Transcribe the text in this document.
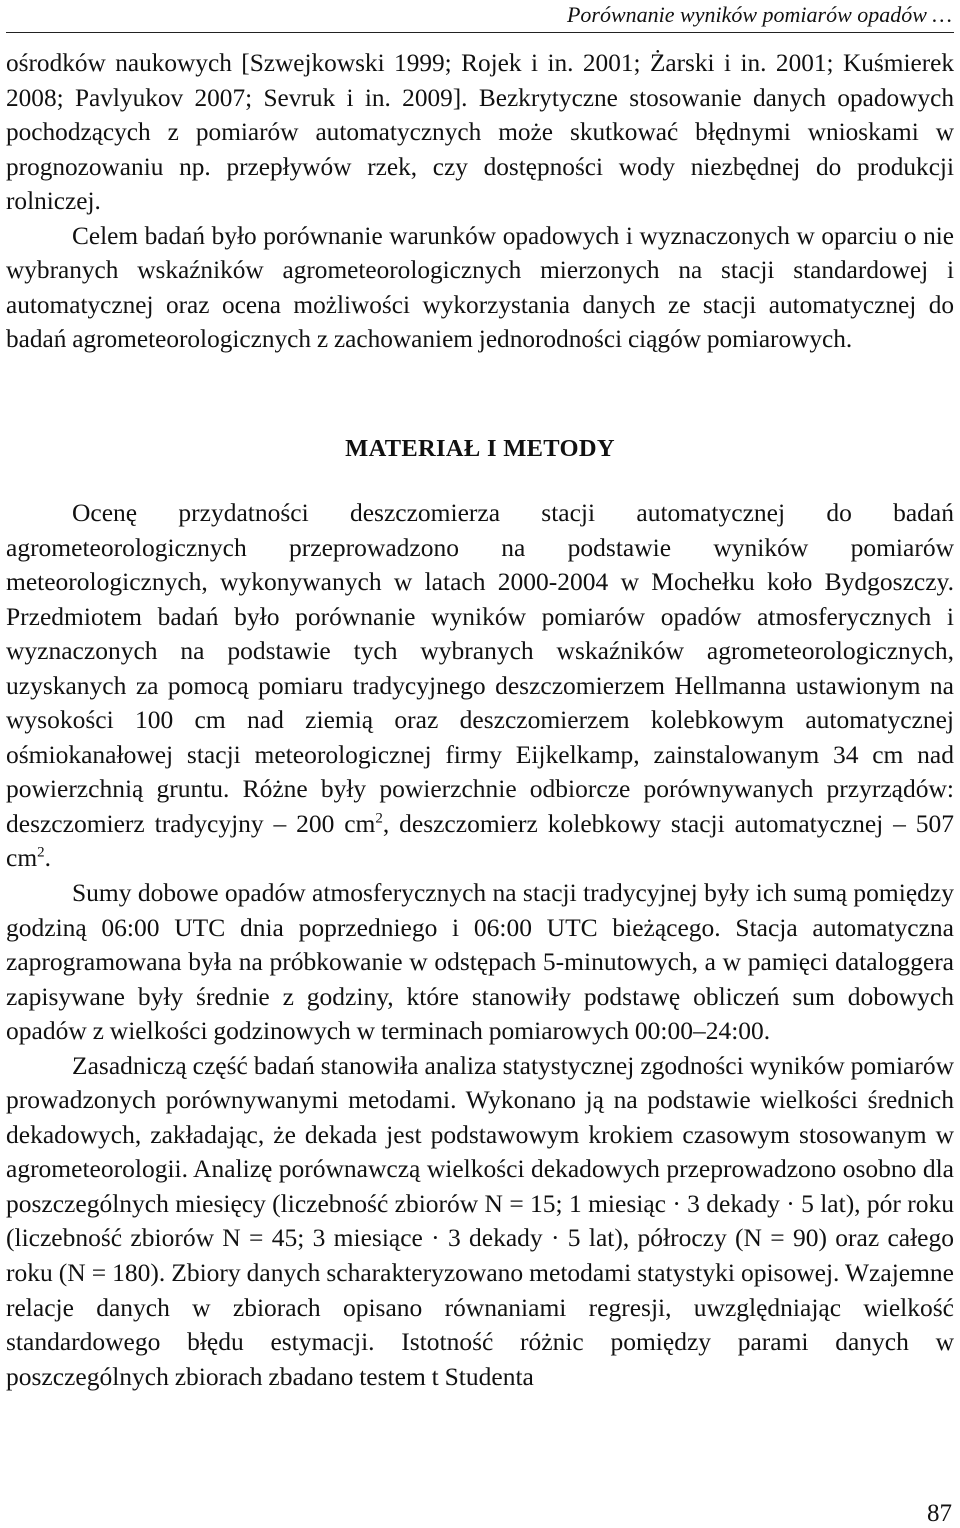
Porównanie wyników pomiarów opadów …

ośrodków naukowych [Szwejkowski 1999; Rojek i in. 2001; Żarski i in. 2001; Kuśmierek 2008; Pavlyukov 2007; Sevruk i in. 2009]. Bezkrytyczne stosowanie danych opadowych pochodzących z pomiarów automatycznych może skutkować błędnymi wnioskami w prognozowaniu np. przepływów rzek, czy dostępności wody niezbędnej do produkcji rolniczej.

Celem badań było porównanie warunków opadowych i wyznaczonych w oparciu o nie wybranych wskaźników agrometeorologicznych mierzonych na stacji standardowej i automatycznej oraz ocena możliwości wykorzystania danych ze stacji automatycznej do badań agrometeorologicznych z zachowaniem jednorodności ciągów pomiarowych.

MATERIAŁ I METODY

Ocenę przydatności deszczomierza stacji automatycznej do badań agrometeorologicznych przeprowadzono na podstawie wyników pomiarów meteorologicznych, wykonywanych w latach 2000-2004 w Mochełku koło Bydgoszczy. Przedmiotem badań było porównanie wyników pomiarów opadów atmosferycznych i wyznaczonych na podstawie tych wybranych wskaźników agrometeorologicznych, uzyskanych za pomocą pomiaru tradycyjnego deszczomierzem Hellmanna ustawionym na wysokości 100 cm nad ziemią oraz deszczomierzem kolebkowym automatycznej ośmiokanałowej stacji meteorologicznej firmy Eijkelkamp, zainstalowanym 34 cm nad powierzchnią gruntu. Różne były powierzchnie odbiorcze porównywanych przyrządów: deszczomierz tradycyjny – 200 $cm^2$, deszczomierz kolebkowy stacji automatycznej – 507 $cm^2$.

Sumy dobowe opadów atmosferycznych na stacji tradycyjnej były ich sumą pomiędzy godziną 06:00 UTC dnia poprzedniego i 06:00 UTC bieżącego. Stacja automatyczna zaprogramowana była na próbkowanie w odstępach 5-minutowych, a w pamięci dataloggera zapisywane były średnie z godziny, które stanowiły podstawę obliczeń sum dobowych opadów z wielkości godzinowych w terminach pomiarowych 00:00–24:00.

Zasadniczą część badań stanowiła analiza statystycznej zgodności wyników pomiarów prowadzonych porównywanymi metodami. Wykonano ją na podstawie wielkości średnich dekadowych, zakładając, że dekada jest podstawowym krokiem czasowym stosowanym w agrometeorologii. Analizę porównawczą wielkości dekadowych przeprowadzono osobno dla poszczególnych miesięcy (liczebność zbiorów N = 15; 1 miesiąc · 3 dekady · 5 lat), pór roku (liczebność zbiorów N = 45; 3 miesiące · 3 dekady · 5 lat), półroczy (N = 90) oraz całego roku (N = 180). Zbiory danych scharakteryzowano metodami statystyki opisowej. Wzajemne relacje danych w zbiorach opisano równaniami regresji, uwzględniając wielkość standardowego błędu estymacji. Istotność różnic pomiędzy parami danych w poszczególnych zbiorach zbadano testem t Studenta

87
